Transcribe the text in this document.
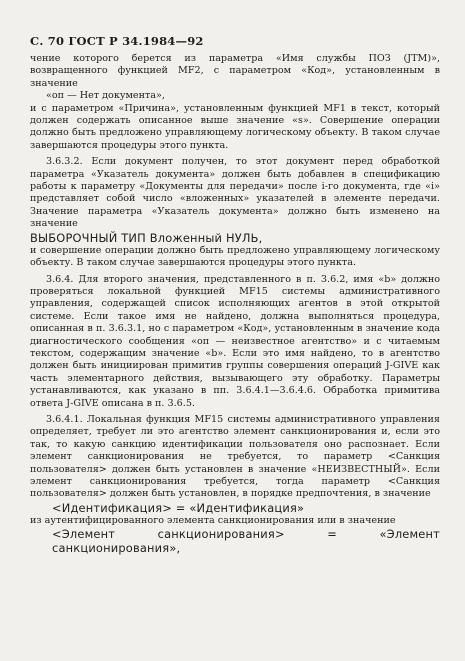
С. 70 ГОСТ Р 34.1984—92

чение которого берется из параметра «Имя службы ПОЗ (JTM)», возвращенного функцией MF2, с параметром «Код», установленным в значение

«оп — Нет документа»,

и с параметром «Причина», установленным функцией MF1 в текст, который должен содержать описанное выше значение «s». Совершение операции должно быть предложено управляющему логическому объекту. В таком случае завершаются процедуры этого пункта.

3.6.3.2. Если документ получен, то этот документ перед обработкой параметра «Указатель документа» должен быть добавлен в спецификацию работы к параметру «Документы для передачи» после i-го документа, где «i» представляет собой число «вложенных» указателей в элементе передачи. Значение параметра «Указатель документа» должно быть изменено на значение

ВЫБОРОЧНЫЙ ТИП Вложенный НУЛЬ,

и совершение операции должно быть предложено управляющему логическому объекту. В таком случае завершаются процедуры этого пункта.

3.6.4. Для второго значения, представленного в п. 3.6.2, имя «b» должно проверяться локальной функцией MF15 системы административного управления, содержащей список исполняющих агентов в этой открытой системе. Если такое имя не найдено, должна выполняться процедура, описанная в п. 3.6.3.1, но с параметром «Код», установленным в значение кода диагностического сообщения «оп — неизвестное агентство» и с читаемым текстом, содержащим значение «b». Если это имя найдено, то в агентство должен быть инициирован примитив группы совершения операций J-GIVE как часть элементарного действия, вызывающего эту обработку. Параметры устанавливаются, как указано в пп. 3.6.4.1—3.6.4.6. Обработка примитива ответа J-GIVE описана в п. 3.6.5.

3.6.4.1. Локальная функция MF15 системы административного управления определяет, требует ли это агентство элемент санкционирования и, если это так, то какую санкцию идентификации пользователя оно распознает. Если элемент санкционирования не требуется, то параметр <Санкция пользователя> должен быть установлен в значение «НЕИЗВЕСТНЫЙ». Если элемент санкционирования требуется, тогда параметр <Санкция пользователя> должен быть установлен, в порядке предпочтения, в значение

<Идентификация> = «Идентификация»

из аутентифицированного элемента санкционирования или в значение

<Элемент санкционирования> = «Элемент санкционирования»,
